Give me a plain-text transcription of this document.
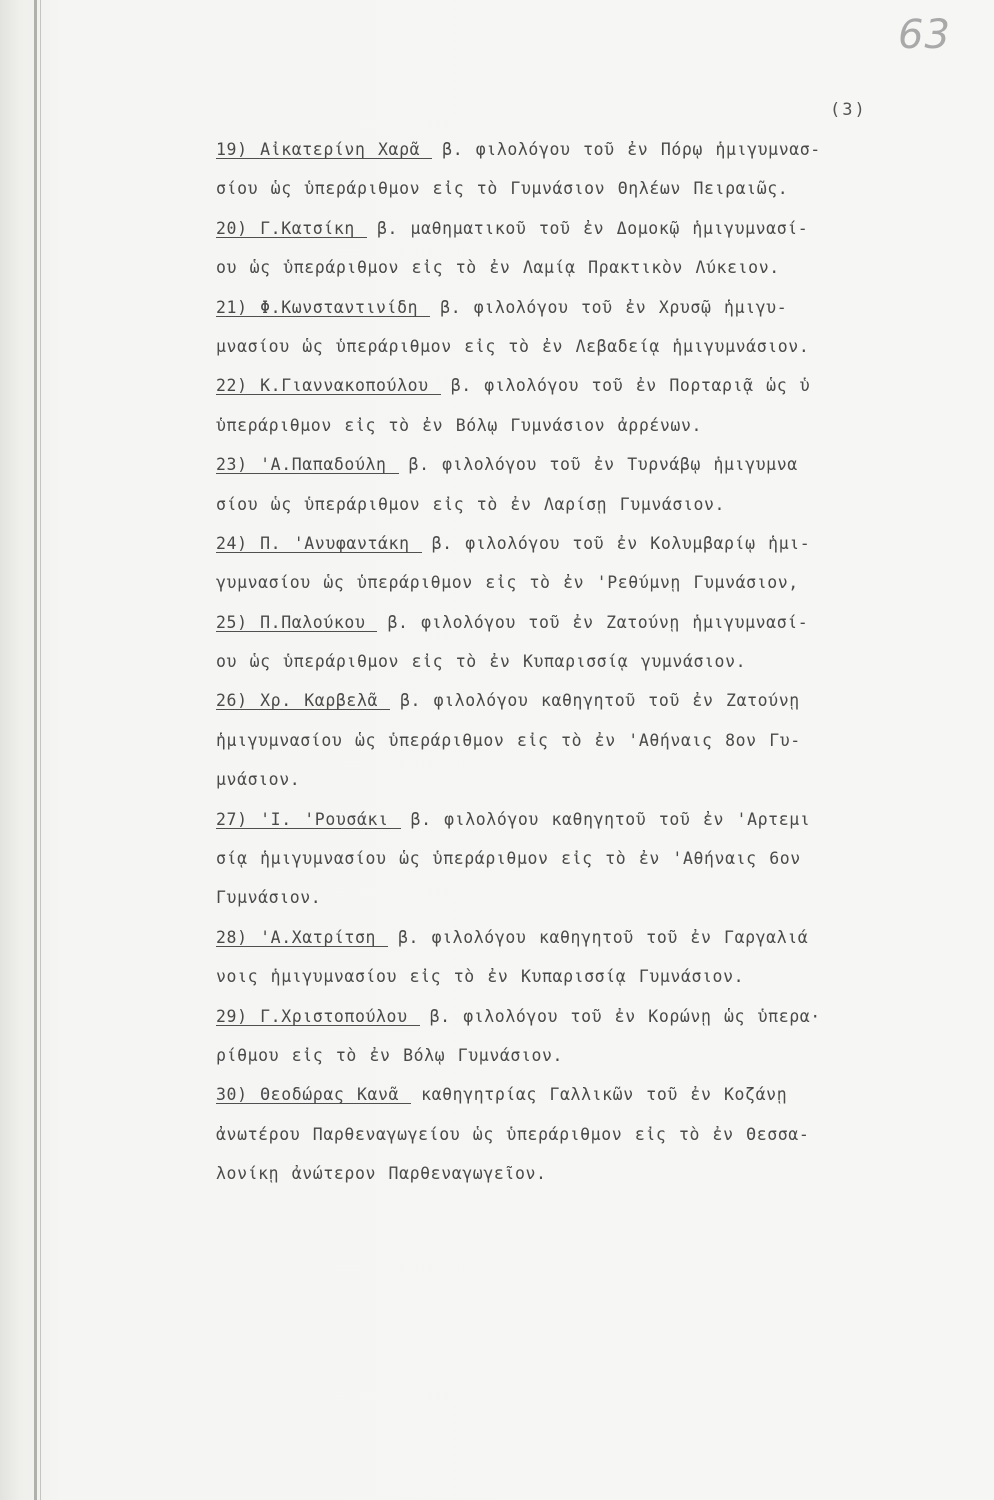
63
(3)
19) Αἰκατερίνη Χαρᾶ β. φιλολόγου τοῦ ἐν Πόρῳ ἡμιγυμνασ-
σίου ὡς ὑπεράριθμον εἰς τὸ Γυμνάσιον Θηλέων Πειραιῶς.
20) Γ.Κατσίκη β. μαθηματικοῦ τοῦ ἐν Δομοκῷ ἡμιγυμνασί-
ου ὡς ὑπεράριθμον εἰς τὸ ἐν Λαμίᾳ Πρακτικὸν Λύκειον.
21) Φ.Κωνσταντινίδη β. φιλολόγου τοῦ ἐν Χρυσῷ ἡμιγυ-
μνασίου ὡς ὑπεράριθμον εἰς τὸ ἐν Λεβαδείᾳ ἡμιγυμνάσιον.
22) Κ.Γιαννακοπούλου β. φιλολόγου τοῦ ἐν Πορταριᾷ ὡς ὑ
ὑπεράριθμον εἰς τὸ ἐν Βόλῳ Γυμνάσιον ἀρρένων.
23) 'Α.Παπαδούλη β. φιλολόγου τοῦ ἐν Τυρνάβῳ ἡμιγυμνα
σίου ὡς ὑπεράριθμον εἰς τὸ ἐν Λαρίσῃ Γυμνάσιον.
24) Π. 'Ανυφαντάκη β. φιλολόγου τοῦ ἐν Κολυμβαρίῳ ἡμι-
γυμνασίου ὡς ὑπεράριθμον εἰς τὸ ἐν 'Ρεθύμνῃ Γυμνάσιον,
25) Π.Παλούκου β. φιλολόγου τοῦ ἐν Ζατούνῃ ἡμιγυμνασί-
ου ὡς ὑπεράριθμον εἰς τὸ ἐν Κυπαρισσίᾳ γυμνάσιον.
26) Χρ. Καρβελᾶ β. φιλολόγου καθηγητοῦ τοῦ ἐν Ζατούνῃ
ἡμιγυμνασίου ὡς ὑπεράριθμον εἰς τὸ ἐν 'Αθήναις 8ον Γυ-
μνάσιον.
27) 'Ι. 'Ρουσάκι β. φιλολόγου καθηγητοῦ τοῦ ἐν 'Αρτεμι
σίᾳ ἡμιγυμνασίου ὡς ὑπεράριθμον εἰς τὸ ἐν 'Αθήναις 6ον
Γυμνάσιον.
28) 'Α.Χατρίτση β. φιλολόγου καθηγητοῦ τοῦ ἐν Γαργαλιά
νοις ἡμιγυμνασίου εἰς τὸ ἐν Κυπαρισσίᾳ Γυμνάσιον.
29) Γ.Χριστοπούλου β. φιλολόγου τοῦ ἐν Κορώνῃ ὡς ὑπερα·
ρίθμου εἰς τὸ ἐν Βόλῳ Γυμνάσιον.
30) Θεοδώρας Κανᾶ καθηγητρίας Γαλλικῶν τοῦ ἐν Κοζάνῃ
ἀνωτέρου Παρθεναγωγείου ὡς ὑπεράριθμον εἰς τὸ ἐν Θεσσα-
λονίκῃ ἀνώτερον Παρθεναγωγεῖον.
